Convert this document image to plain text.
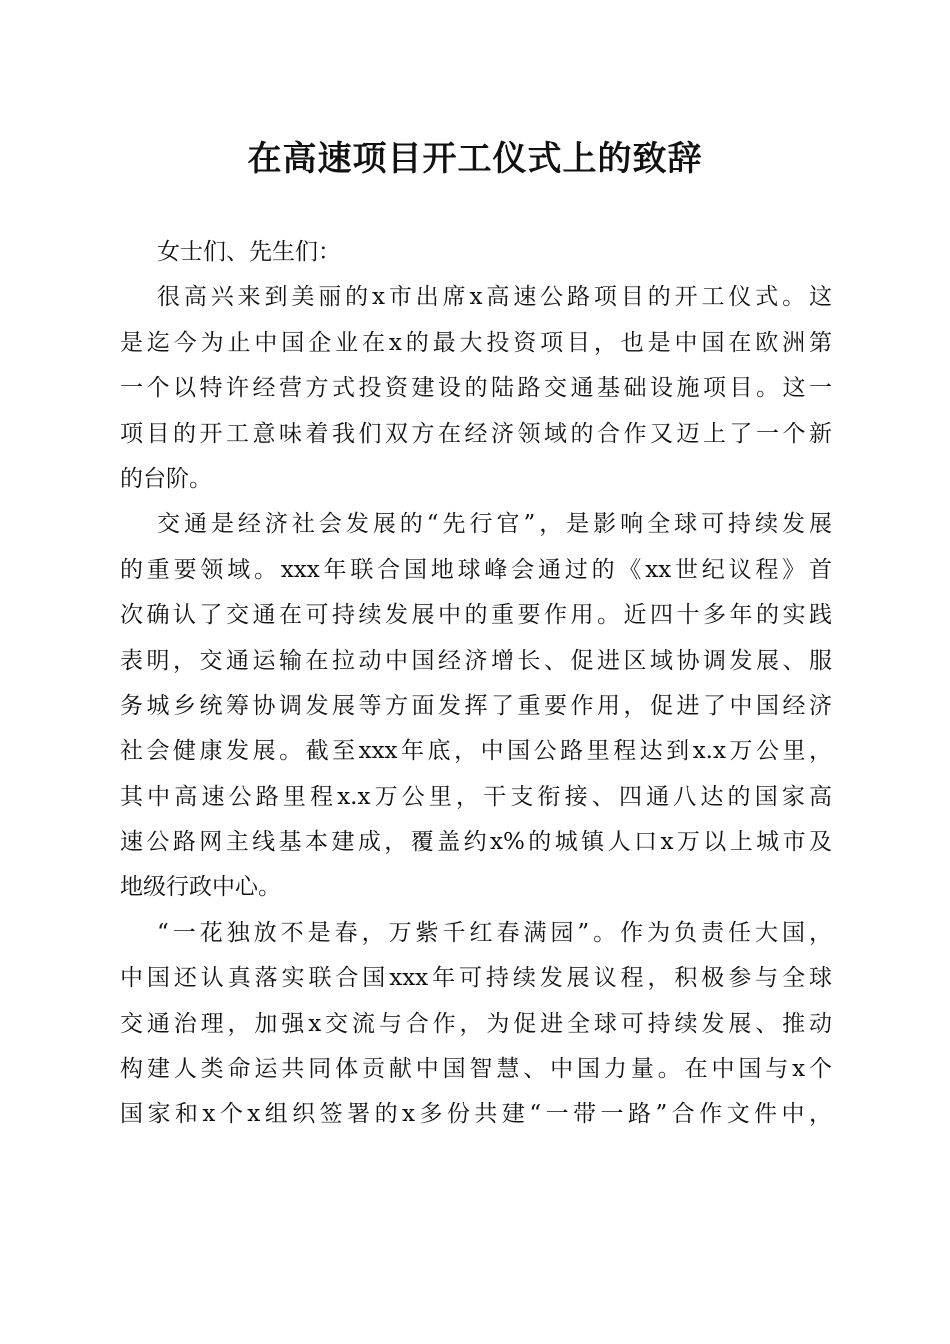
在高速项目开工仪式上的致辞
女士们、先生们：
很高兴来到美丽的x市出席x高速公路项目的开工仪式。这
是迄今为止中国企业在x的最大投资项目，也是中国在欧洲第
一个以特许经营方式投资建设的陆路交通基础设施项目。这一
项目的开工意味着我们双方在经济领域的合作又迈上了一个新
的台阶。
交通是经济社会发展的“先行官”，是影响全球可持续发展
的重要领域。xxx年联合国地球峰会通过的《xx世纪议程》首
次确认了交通在可持续发展中的重要作用。近四十多年的实践
表明，交通运输在拉动中国经济增长、促进区域协调发展、服
务城乡统筹协调发展等方面发挥了重要作用，促进了中国经济
社会健康发展。截至xxx年底，中国公路里程达到x.x万公里，
其中高速公路里程x.x万公里，干支衔接、四通八达的国家高
速公路网主线基本建成，覆盖约x%的城镇人口x万以上城市及
地级行政中心。
“一花独放不是春，万紫千红春满园”。作为负责任大国，
中国还认真落实联合国xxx年可持续发展议程，积极参与全球
交通治理，加强x交流与合作，为促进全球可持续发展、推动
构建人类命运共同体贡献中国智慧、中国力量。在中国与x个
国家和x个x组织签署的x多份共建“一带一路”合作文件中，
